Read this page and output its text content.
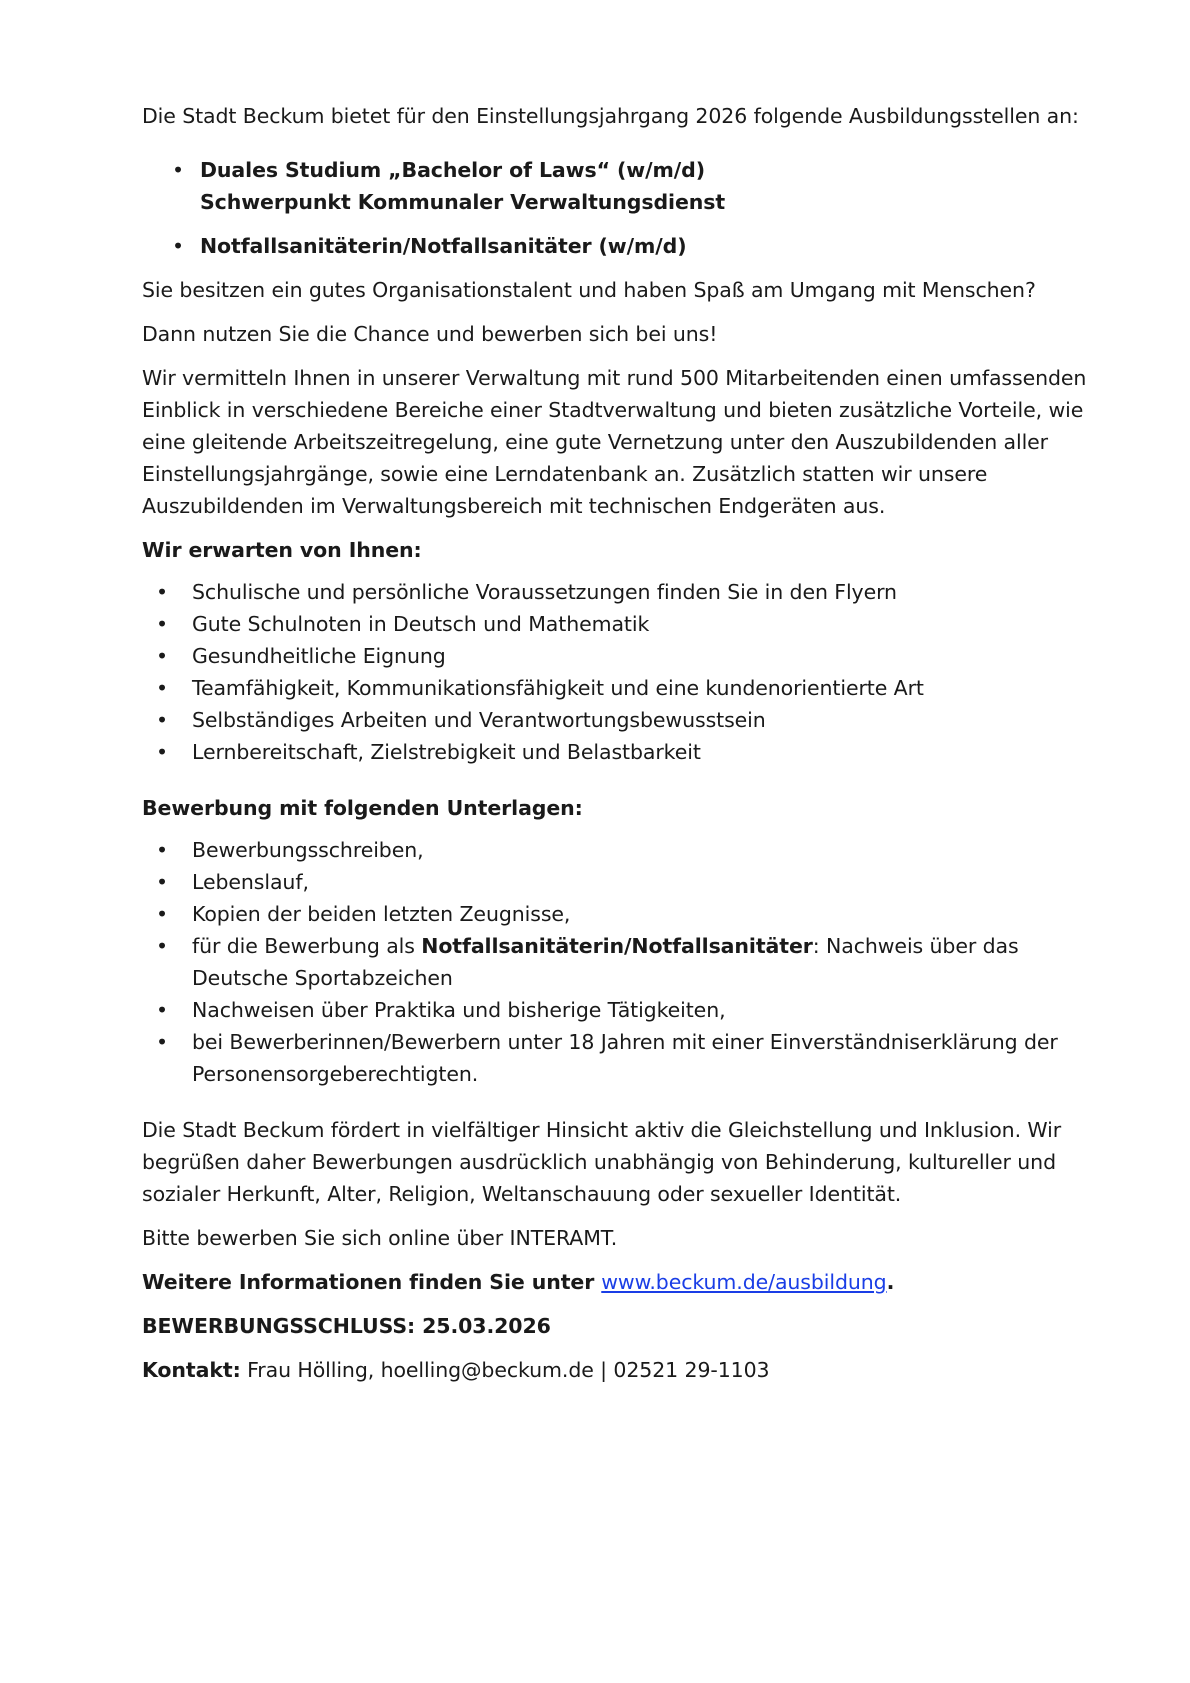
Die Stadt Beckum bietet für den Einstellungsjahrgang 2026 folgende Ausbildungsstellen an:

• Duales Studium „Bachelor of Laws“ (w/m/d)
Schwerpunkt Kommunaler Verwaltungsdienst
• Notfallsanitäterin/Notfallsanitäter (w/m/d)

Sie besitzen ein gutes Organisationstalent und haben Spaß am Umgang mit Menschen?

Dann nutzen Sie die Chance und bewerben sich bei uns!

Wir vermitteln Ihnen in unserer Verwaltung mit rund 500 Mitarbeitenden einen umfassenden Einblick in verschiedene Bereiche einer Stadtverwaltung und bieten zusätzliche Vorteile, wie eine gleitende Arbeitszeitregelung, eine gute Vernetzung unter den Auszubildenden aller Einstellungsjahrgänge, sowie eine Lerndatenbank an. Zusätzlich statten wir unsere Auszubildenden im Verwaltungsbereich mit technischen Endgeräten aus.

Wir erwarten von Ihnen:

• Schulische und persönliche Voraussetzungen finden Sie in den Flyern
• Gute Schulnoten in Deutsch und Mathematik
• Gesundheitliche Eignung
• Teamfähigkeit, Kommunikationsfähigkeit und eine kundenorientierte Art
• Selbständiges Arbeiten und Verantwortungsbewusstsein
• Lernbereitschaft, Zielstrebigkeit und Belastbarkeit

Bewerbung mit folgenden Unterlagen:

• Bewerbungsschreiben,
• Lebenslauf,
• Kopien der beiden letzten Zeugnisse,
• für die Bewerbung als Notfallsanitäterin/Notfallsanitäter: Nachweis über das Deutsche Sportabzeichen
• Nachweisen über Praktika und bisherige Tätigkeiten,
• bei Bewerberinnen/Bewerbern unter 18 Jahren mit einer Einverständniserklärung der Personensorgeberechtigten.

Die Stadt Beckum fördert in vielfältiger Hinsicht aktiv die Gleichstellung und Inklusion. Wir begrüßen daher Bewerbungen ausdrücklich unabhängig von Behinderung, kultureller und sozialer Herkunft, Alter, Religion, Weltanschauung oder sexueller Identität.

Bitte bewerben Sie sich online über INTERAMT.

Weitere Informationen finden Sie unter www.beckum.de/ausbildung.

BEWERBUNGSSCHLUSS: 25.03.2026

Kontakt: Frau Hölling, hoelling@beckum.de | 02521 29-1103
